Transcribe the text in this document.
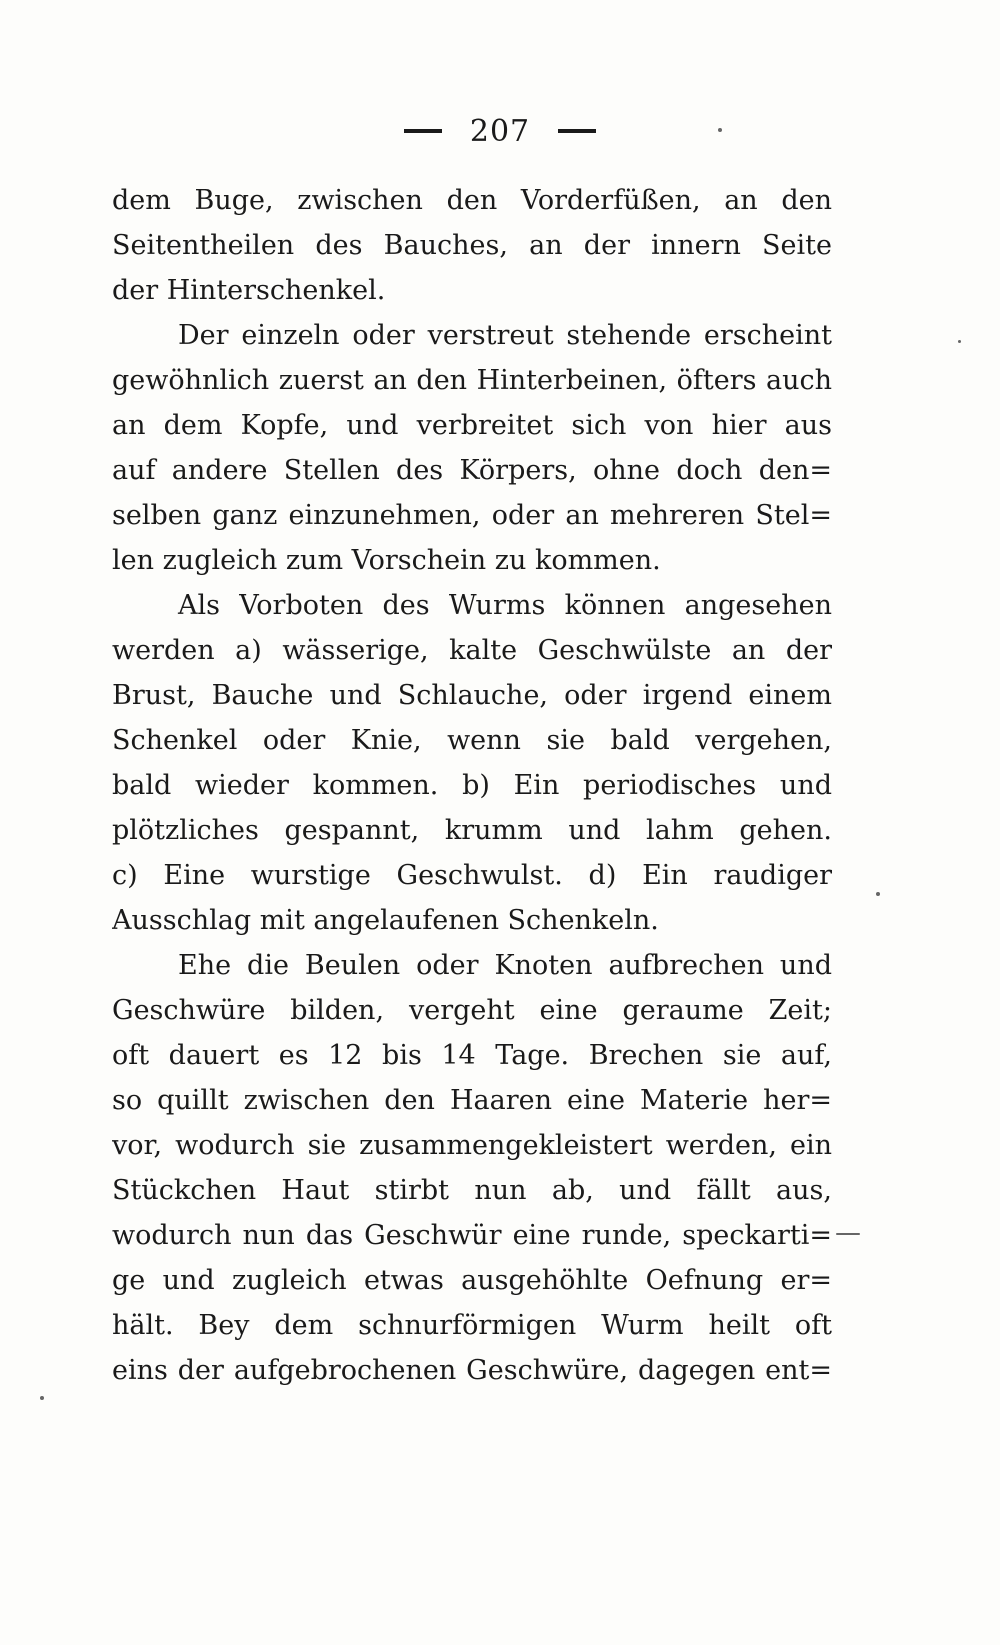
207
dem Buge, zwischen den Vorderfüßen, an den
Seitentheilen des Bauches, an der innern Seite
der Hinterschenkel.
Der einzeln oder verstreut stehende erscheint
gewöhnlich zuerst an den Hinterbeinen, öfters auch
an dem Kopfe, und verbreitet sich von hier aus
auf andere Stellen des Körpers, ohne doch den=
selben ganz einzunehmen, oder an mehreren Stel=
len zugleich zum Vorschein zu kommen.
Als Vorboten des Wurms können angesehen
werden a) wässerige, kalte Geschwülste an der
Brust, Bauche und Schlauche, oder irgend einem
Schenkel oder Knie, wenn sie bald vergehen,
bald wieder kommen. b) Ein periodisches und
plötzliches gespannt, krumm und lahm gehen.
c) Eine wurstige Geschwulst. d) Ein raudiger
Ausschlag mit angelaufenen Schenkeln.
Ehe die Beulen oder Knoten aufbrechen und
Geschwüre bilden, vergeht eine geraume Zeit;
oft dauert es 12 bis 14 Tage. Brechen sie auf,
so quillt zwischen den Haaren eine Materie her=
vor, wodurch sie zusammengekleistert werden, ein
Stückchen Haut stirbt nun ab, und fällt aus,
wodurch nun das Geschwür eine runde, speckarti=
ge und zugleich etwas ausgehöhlte Oefnung er=
hält. Bey dem schnurförmigen Wurm heilt oft
eins der aufgebrochenen Geschwüre, dagegen ent=
